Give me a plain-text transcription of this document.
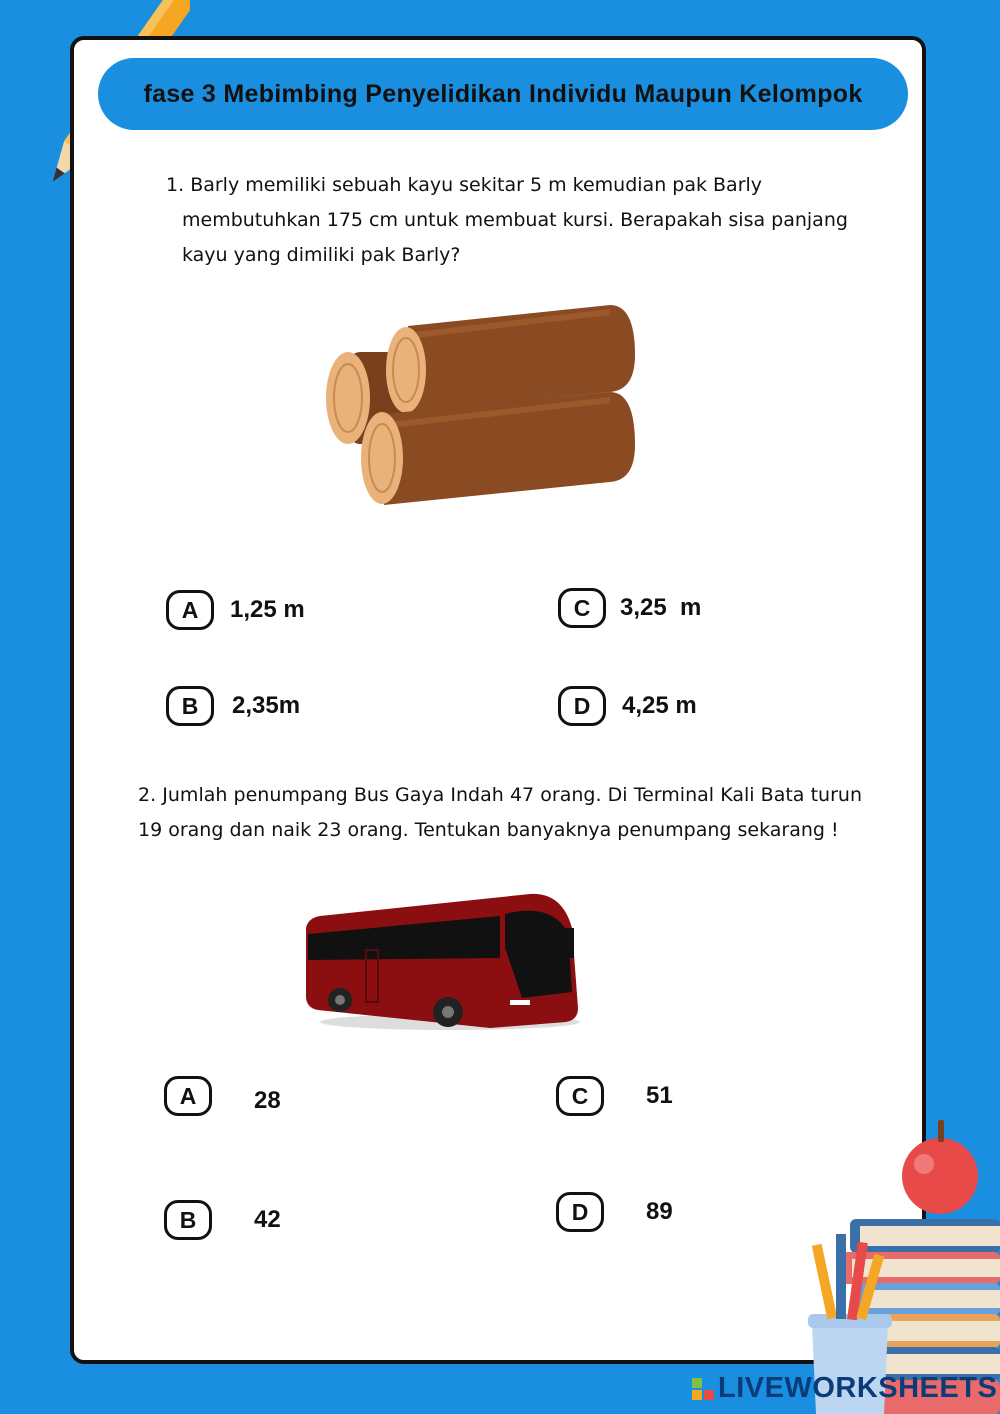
fase 3 Mebimbing Penyelidikan Individu Maupun Kelompok

1. Barly memiliki sebuah kayu sekitar 5 m kemudian pak Barly membutuhkan 175 cm untuk membuat kursi. Berapakah sisa panjang kayu yang dimiliki pak Barly?

A	1,25 m
B	2,35m
C	3,25  m
D	4,25 m

2. Jumlah penumpang Bus Gaya Indah 47 orang. Di Terminal Kali Bata turun 19 orang dan naik 23 orang. Tentukan banyaknya penumpang sekarang !

A	28
B	42
C	51
D	89
LIVEWORKSHEETS
